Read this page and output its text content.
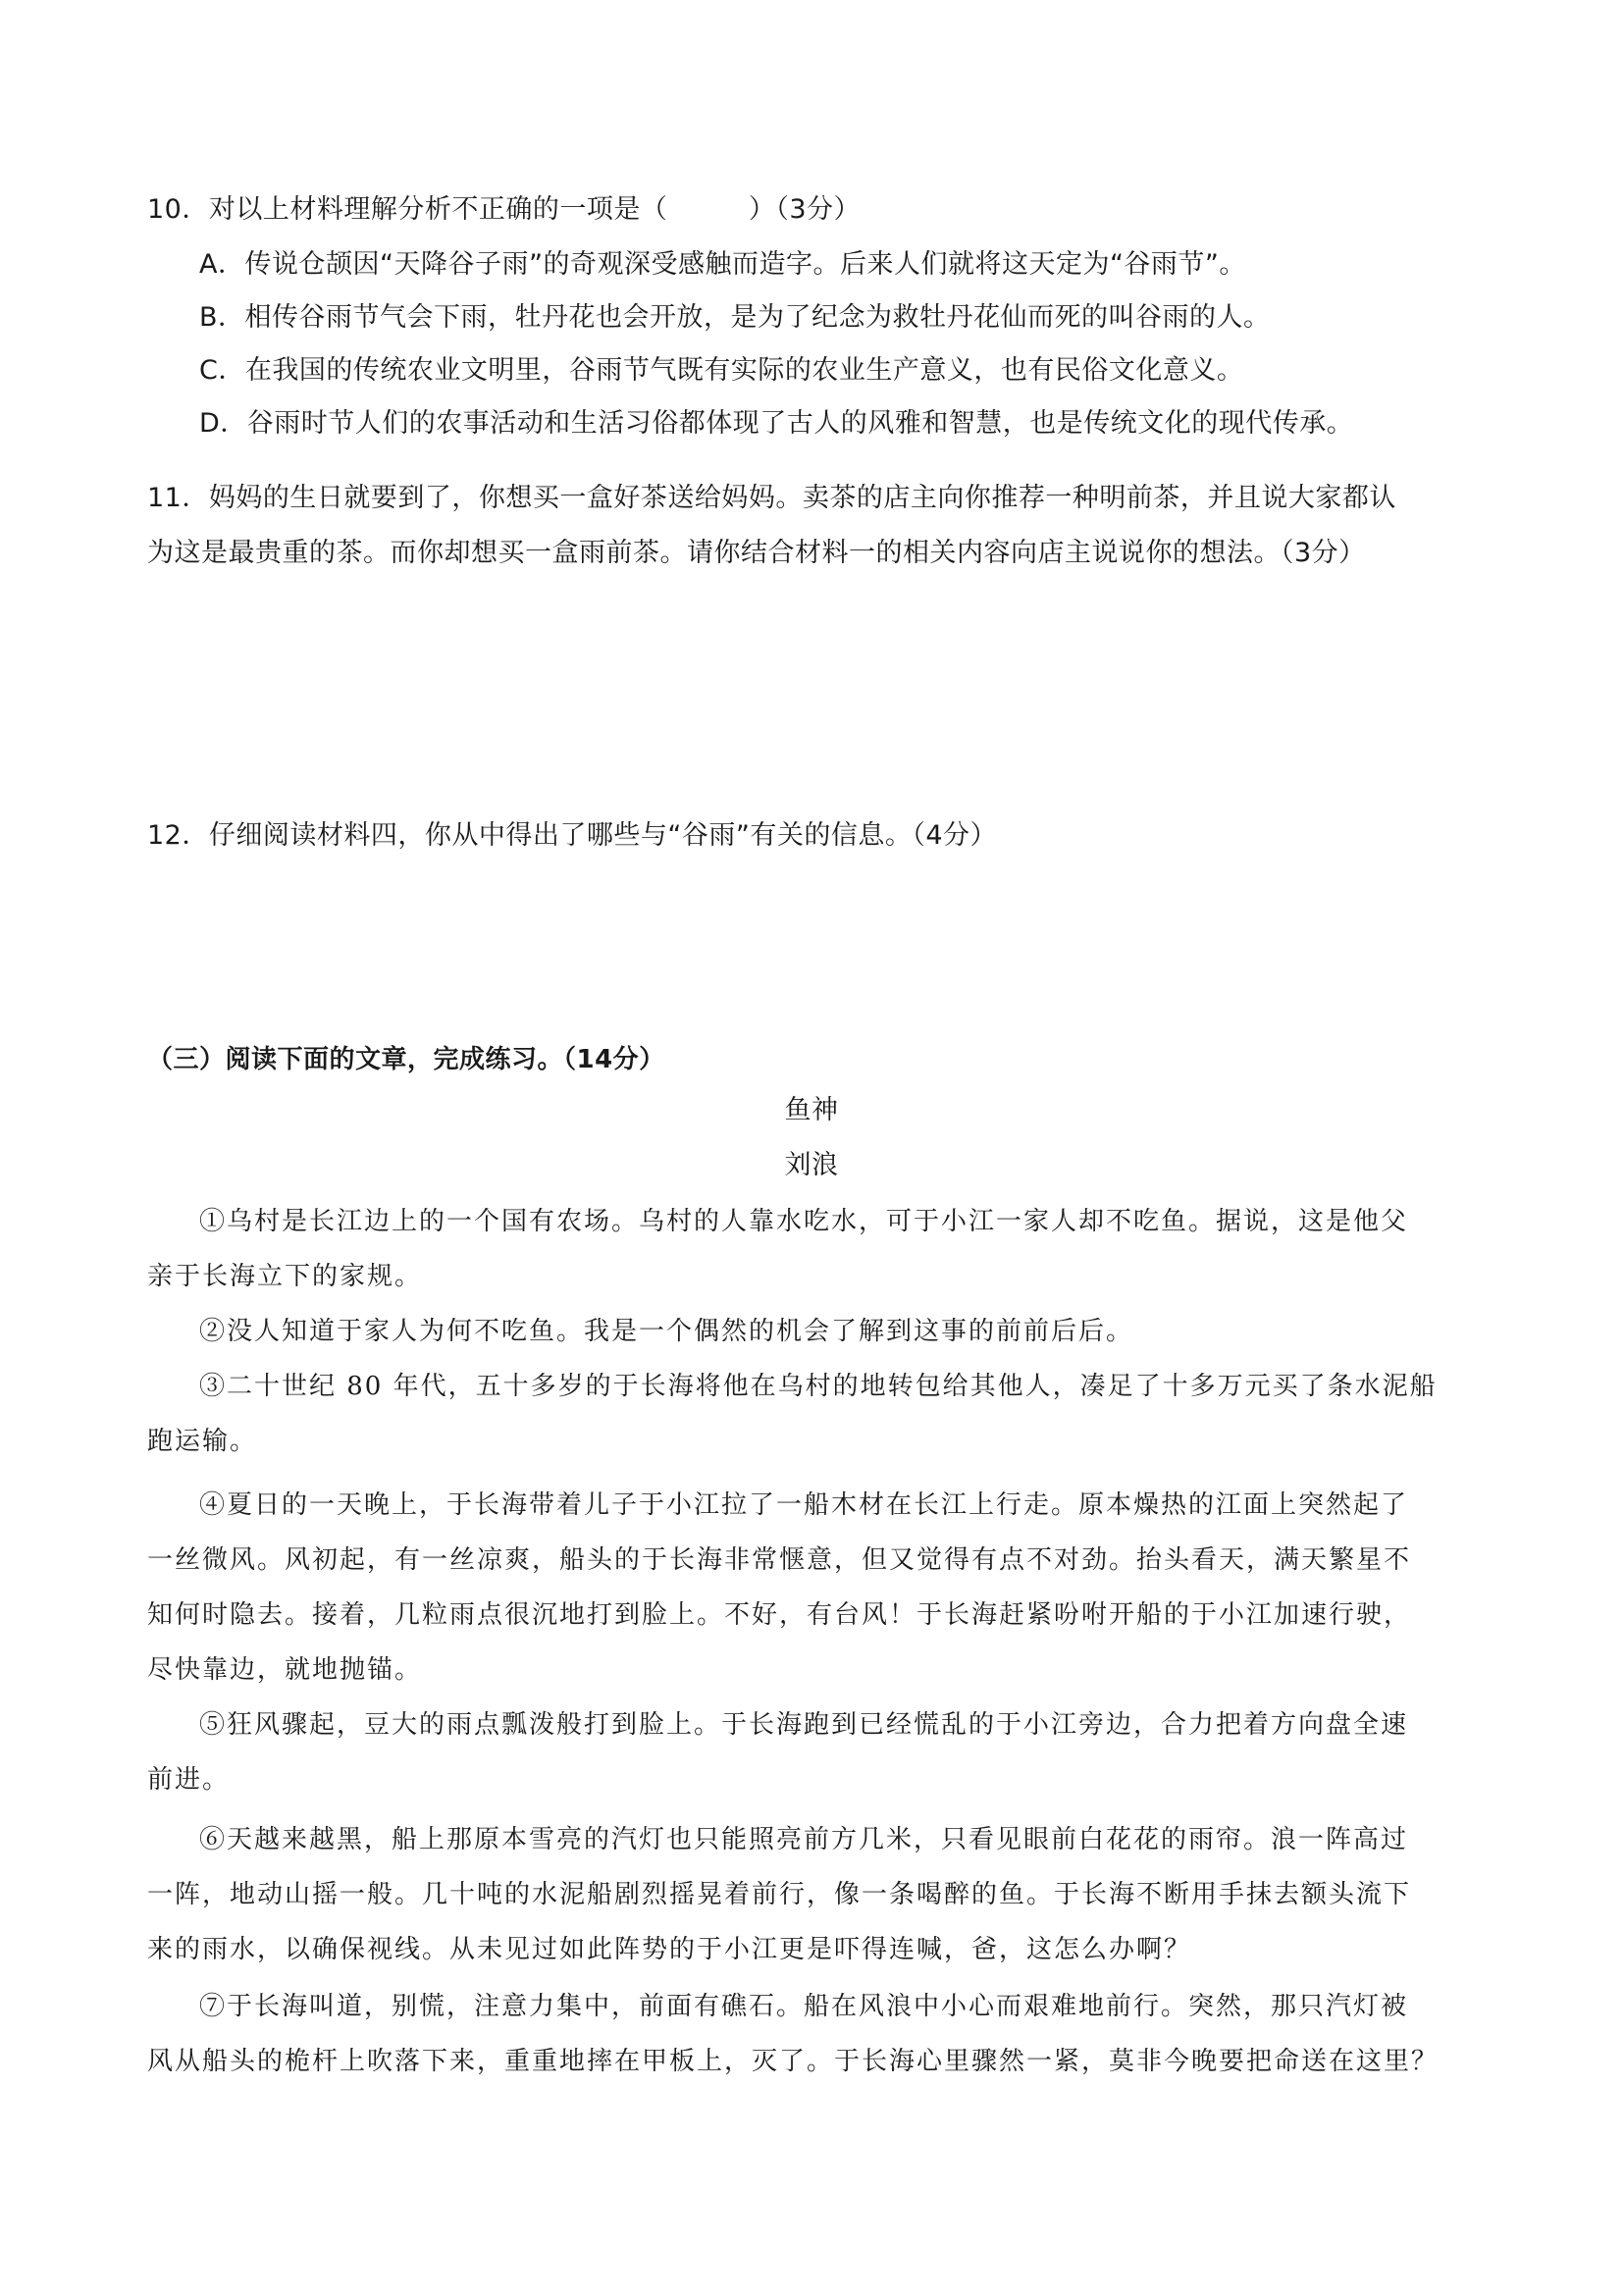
10．对以上材料理解分析不正确的一项是（　　　）（3分）
A．传说仓颉因“天降谷子雨”的奇观深受感触而造字。后来人们就将这天定为“谷雨节”。
B．相传谷雨节气会下雨，牡丹花也会开放，是为了纪念为救牡丹花仙而死的叫谷雨的人。
C．在我国的传统农业文明里，谷雨节气既有实际的农业生产意义，也有民俗文化意义。
D．谷雨时节人们的农事活动和生活习俗都体现了古人的风雅和智慧，也是传统文化的现代传承。
11．妈妈的生日就要到了，你想买一盒好茶送给妈妈。卖茶的店主向你推荐一种明前茶，并且说大家都认
为这是最贵重的茶。而你却想买一盒雨前茶。请你结合材料一的相关内容向店主说说你的想法。（3分）
12．仔细阅读材料四，你从中得出了哪些与“谷雨”有关的信息。（4分）
（三）阅读下面的文章，完成练习。（14分）
鱼神
刘浪
①乌村是长江边上的一个国有农场。乌村的人靠水吃水，可于小江一家人却不吃鱼。据说，这是他父
亲于长海立下的家规。
②没人知道于家人为何不吃鱼。我是一个偶然的机会了解到这事的前前后后。
③二十世纪 80 年代，五十多岁的于长海将他在乌村的地转包给其他人，凑足了十多万元买了条水泥船
跑运输。
④夏日的一天晚上，于长海带着儿子于小江拉了一船木材在长江上行走。原本燥热的江面上突然起了
一丝微风。风初起，有一丝凉爽，船头的于长海非常惬意，但又觉得有点不对劲。抬头看天，满天繁星不
知何时隐去。接着，几粒雨点很沉地打到脸上。不好，有台风！于长海赶紧吩咐开船的于小江加速行驶，
尽快靠边，就地抛锚。
⑤狂风骤起，豆大的雨点瓢泼般打到脸上。于长海跑到已经慌乱的于小江旁边，合力把着方向盘全速
前进。
⑥天越来越黑，船上那原本雪亮的汽灯也只能照亮前方几米，只看见眼前白花花的雨帘。浪一阵高过
一阵，地动山摇一般。几十吨的水泥船剧烈摇晃着前行，像一条喝醉的鱼。于长海不断用手抹去额头流下
来的雨水，以确保视线。从未见过如此阵势的于小江更是吓得连喊，爸，这怎么办啊？
⑦于长海叫道，别慌，注意力集中，前面有礁石。船在风浪中小心而艰难地前行。突然，那只汽灯被
风从船头的桅杆上吹落下来，重重地摔在甲板上，灭了。于长海心里骤然一紧，莫非今晚要把命送在这里？
